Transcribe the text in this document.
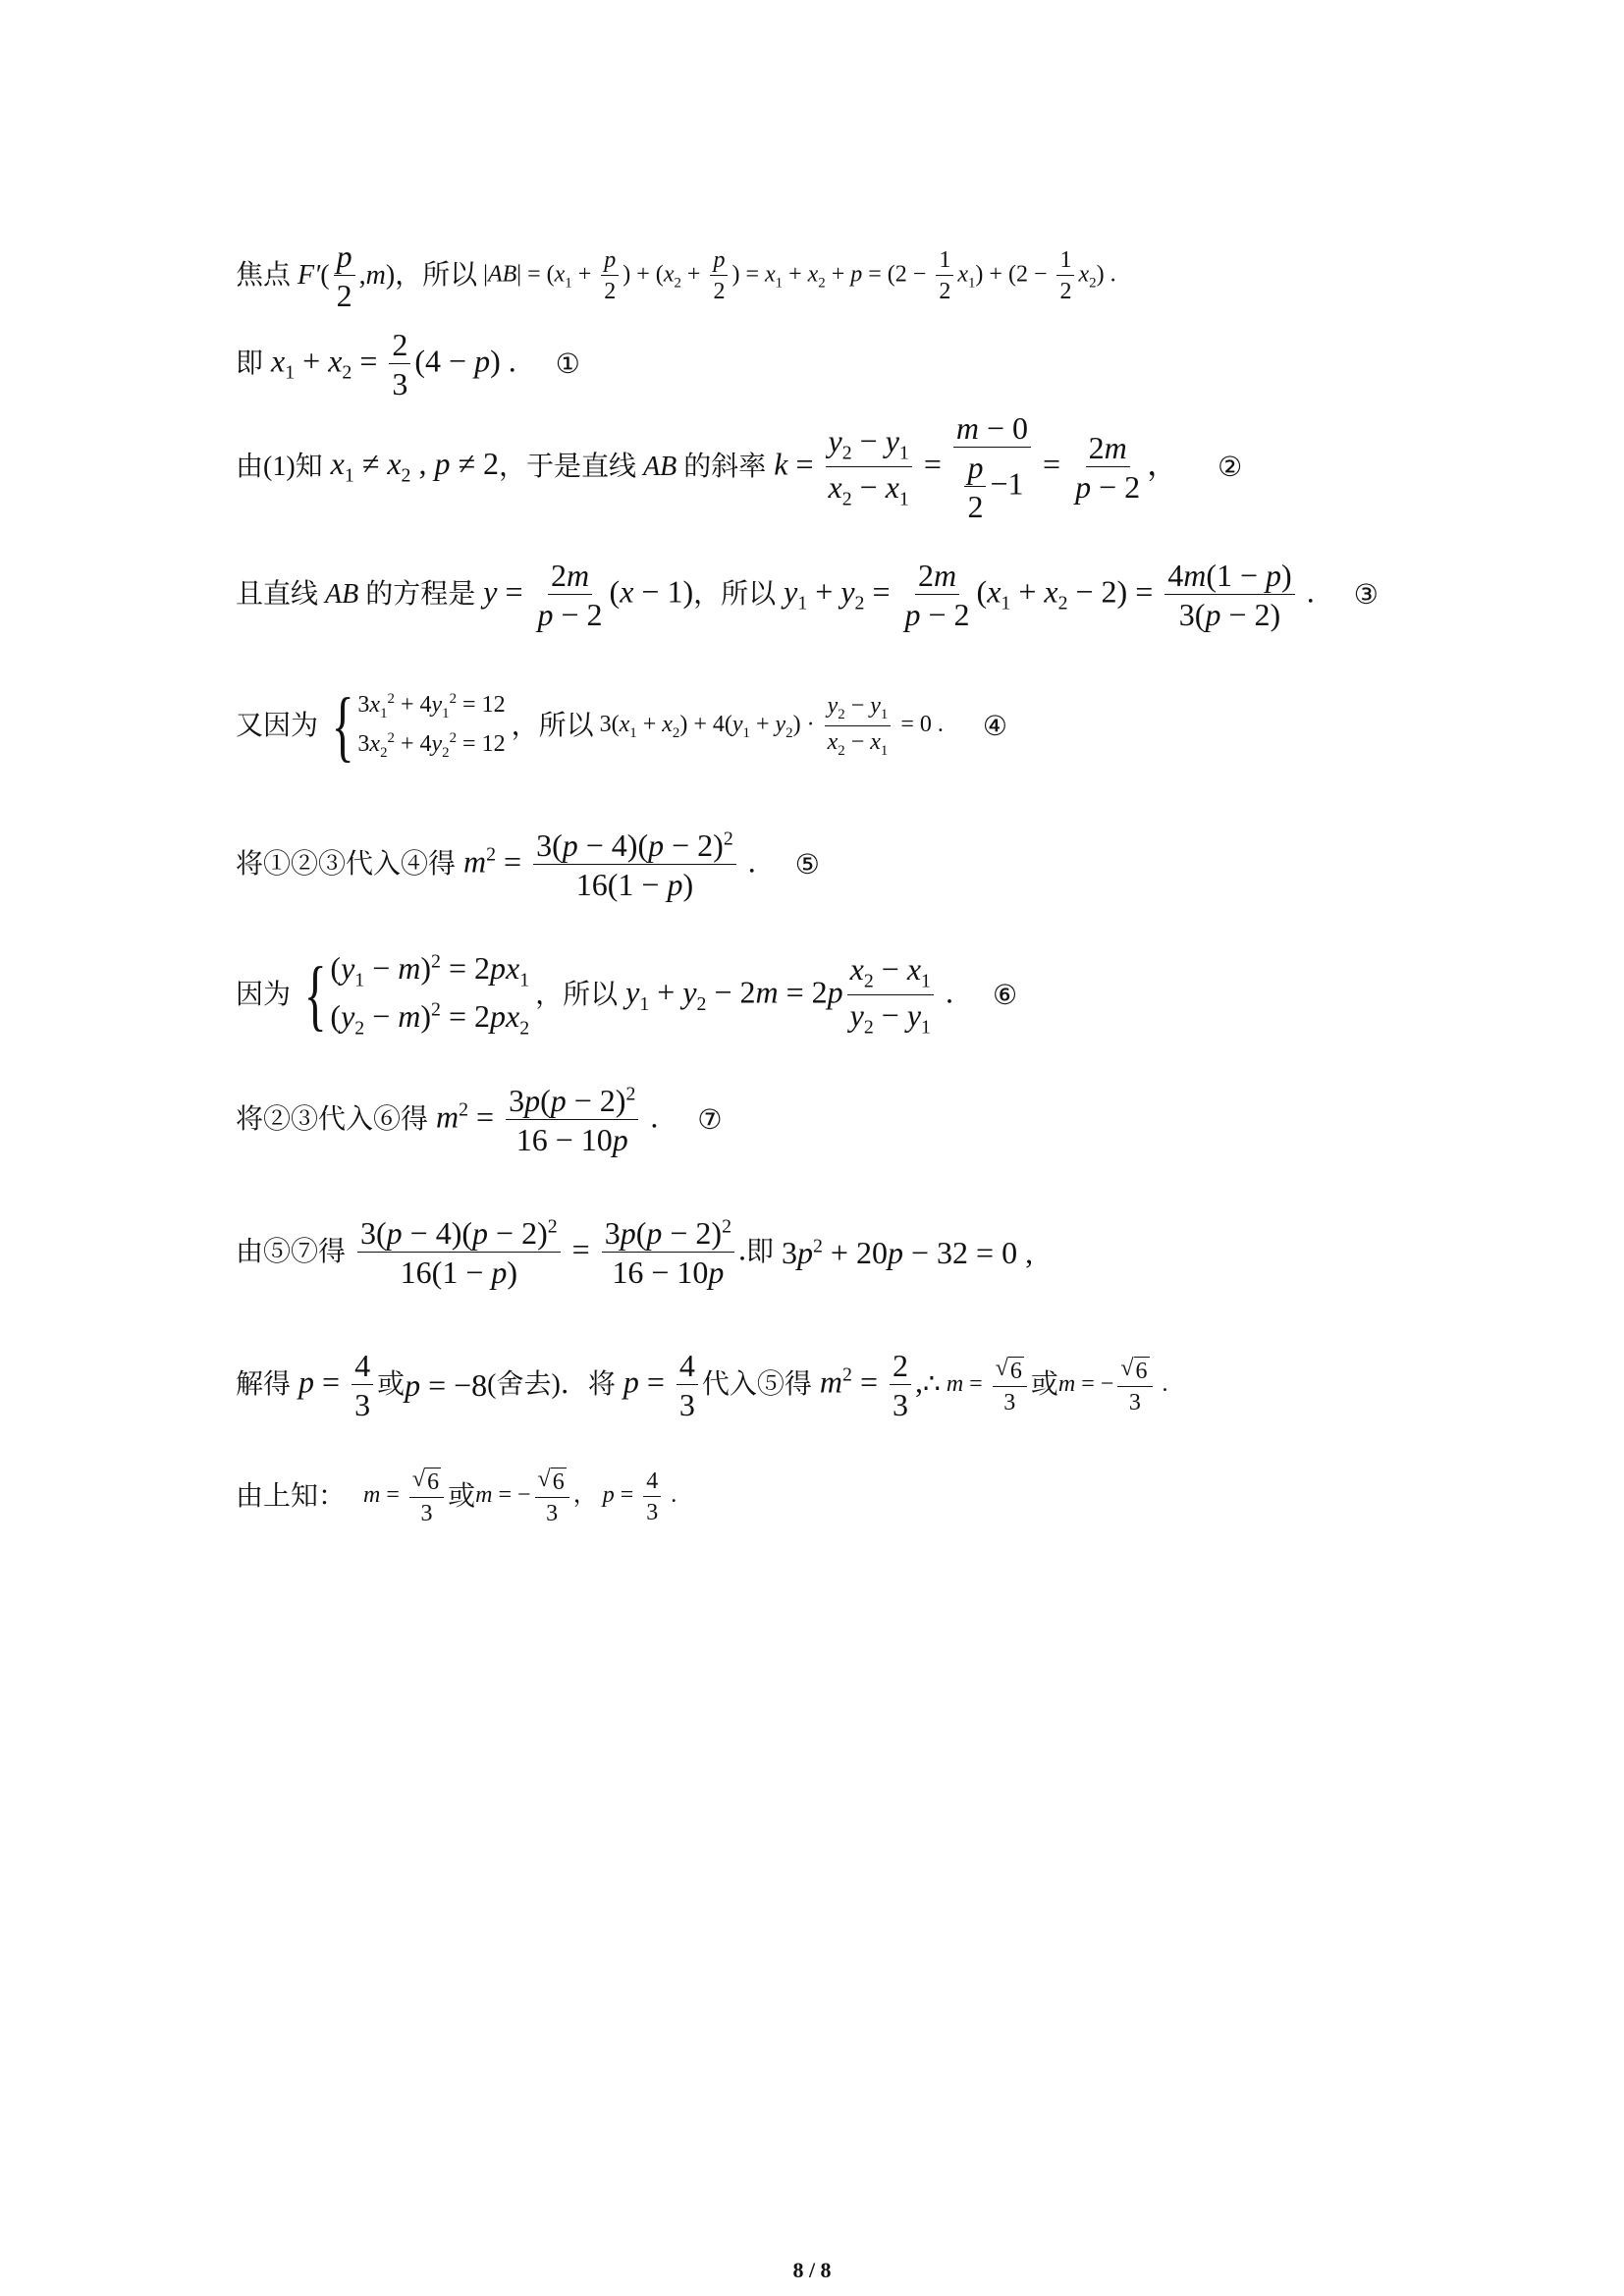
焦点 F′ ( $\frac{p}{2}$ , m )， 所以 $|AB| = (x_1 + \frac{p}{2}$ ) + ($x_2 + \frac{p}{2}$ ) = $x_1 + x_2 + p = (2 - \frac{1}{2} x_1) + (2 - \frac{1}{2} x_2)$ .
即 $x_1 + x_2 = \frac{2}{3} (4 - p)$ . ①
由(1)知 $x_1 \ne x_2$ , p ≠ 2 ， 于是直线 AB 的斜率 $k = \frac{y_2 - y_1}{x_2 - x_1} = \frac{m - 0}{\frac{p}{2} -1} = \frac{2m}{p - 2}$ ， ②
且直线 AB 的方程是 $y = \frac{2m}{p - 2} (x - 1)$ ， 所以 $y_1 + y_2 = \frac{2m}{p - 2} (x_1 + x_2 - 2) = \frac{4m(1 - p)}{3(p - 2)}$ . ③
又因为 { $3x_1^2 + 4y_1^2 = 12$
$3x_2^2 + 4y_2^2 = 12$
， 所以 $3(x_1 + x_2) + 4(y_1 + y_2) \cdot \frac{y_2 - y_1}{x_2 - x_1} = 0$ . ④
将①②③代入④得 $m^2 = \frac{3(p - 4)(p - 2)^2}{16(1 - p)}$ . ⑤
因为 { $(y_1 - m)^2 = 2px_1$
$(y_2 - m)^2 = 2px_2$
， 所以 $y_1 + y_2 - 2m = 2p \frac{x_2 - x_1}{y_2 - y_1}$ . ⑥
将②③代入⑥得 $m^2 = \frac{3p(p - 2)^2}{16 - 10p}$ . ⑦
由⑤⑦得
$\frac{3(p - 4)(p - 2)^2}{16(1 - p)} = \frac{3p(p - 2)^2}{16 - 10p}$ . 即 $3p^2 + 20p - 32 = 0$ ,
解得 $p = \frac{4}{3}$ 或 p = −8 (舍去) ． 将 $p = \frac{4}{3}$ 代入⑤得 $m^2 = \frac{2}{3}$ , ∴ $m = \frac{√ 6}{3}$ 或 m = − $\frac{√ 6}{3}$ .
由上知： $m = \frac{√ 6}{3}$ 或 m = − $\frac{√ 6}{3}$ ， $p = \frac{4}{3}$ .
8 / 8
